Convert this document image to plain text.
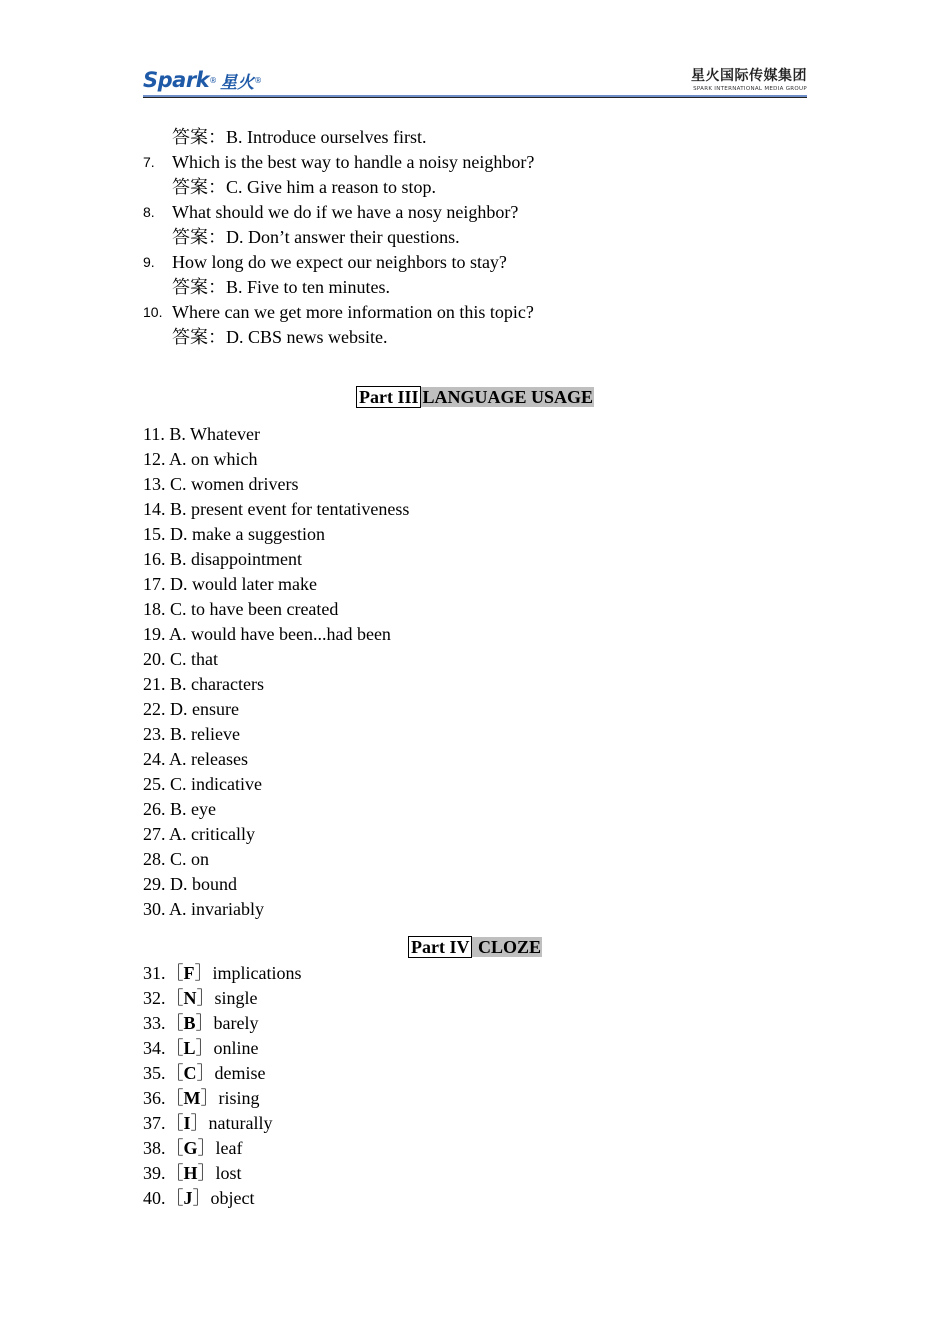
Spark ® 星火 ®	星火国际传媒集团
SPARK INTERNATIONAL MEDIA GROUP
答案：B. Introduce ourselves first.
7. Which is the best way to handle a noisy neighbor?
答案：C. Give him a reason to stop.
8. What should we do if we have a nosy neighbor?
答案：D. Don’t answer their questions.
9. How long do we expect our neighbors to stay?
答案：B. Five to ten minutes.
10. Where can we get more information on this topic?
答案：D. CBS news website.
Part III LANGUAGE USAGE
11. B. Whatever
12. A. on which
13. C. women drivers
14. B. present event for tentativeness
15. D. make a suggestion
16. B. disappointment
17. D. would later make
18. C. to have been created
19. A. would have been...had been
20. C. that
21. B. characters
22. D. ensure
23. B. relieve
24. A. releases
25. C. indicative
26. B. eye
27. A. critically
28. C. on
29. D. bound
30. A. invariably
Part IV CLOZE
31.［F］implications
32.［N］single
33.［B］barely
34.［L］online
35.［C］demise
36.［M］rising
37.［I］naturally
38.［G］leaf
39.［H］lost
40.［J］object
